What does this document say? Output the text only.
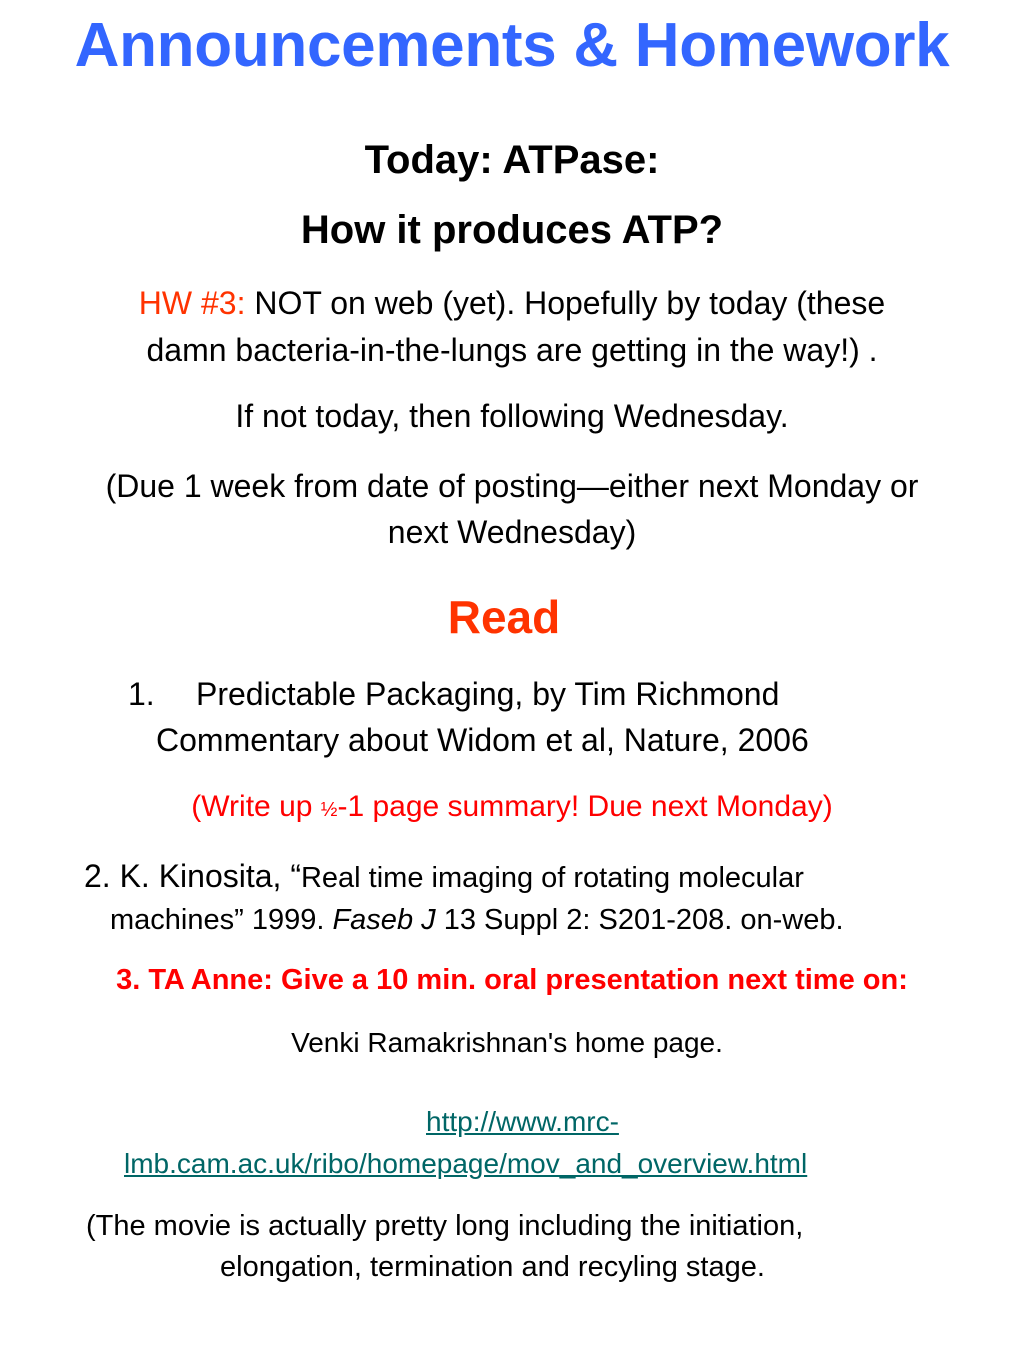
Announcements & Homework
Today: ATPase:
How it produces ATP?
HW #3: NOT on web (yet). Hopefully by today (these
damn bacteria-in-the-lungs are getting in the way!) .
If not today, then following Wednesday.
(Due 1 week from date of posting—either next Monday or
next Wednesday)
Read
1. Predictable Packaging, by Tim Richmond
Commentary about Widom et al, Nature, 2006
(Write up ½-1 page summary! Due next Monday)
2. K. Kinosita, “Real time imaging of rotating molecular
machines” 1999. Faseb J 13 Suppl 2: S201-208. on-web.
3. TA Anne: Give a 10 min. oral presentation next time on:
Venki Ramakrishnan's home page.
http://www.mrc-
lmb.cam.ac.uk/ribo/homepage/mov_and_overview.html
(The movie is actually pretty long including the initiation,
elongation, termination and recyling stage.
